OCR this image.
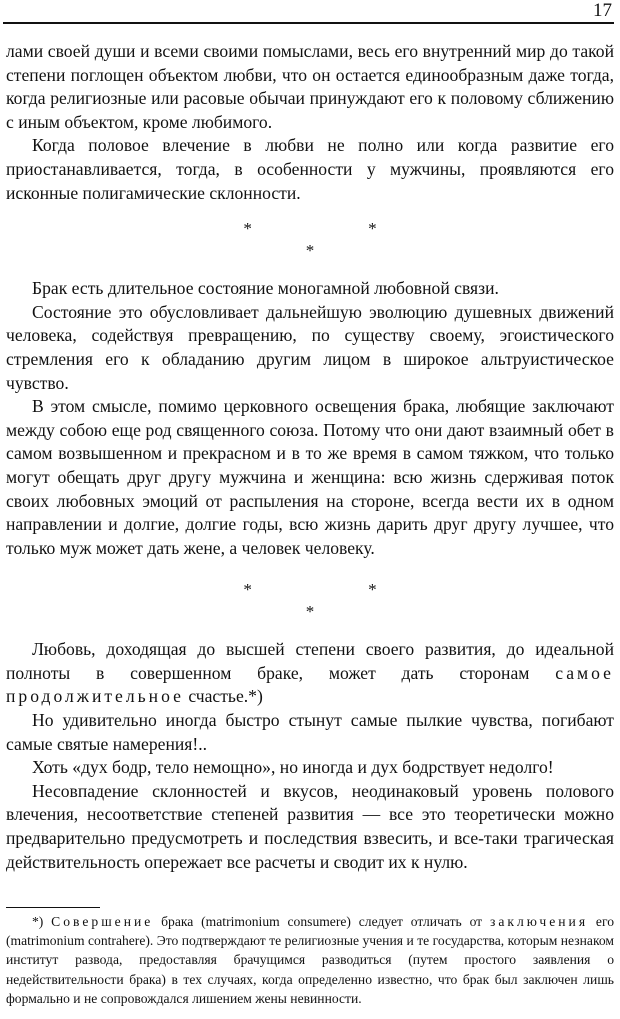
17

лами своей души и всеми своими помыслами, весь его внутренний мир до такой степени поглощен объектом любви, что он остается единообразным даже тогда, когда религиозные или расовые обычаи принуждают его к половому сближению с иным объектом, кроме любимого.

Когда половое влечение в любви не полно или когда развитие его приостанавливается, тогда, в особенности у мужчины, проявляются его исконные полигамические склонности.

* *
*

Брак есть длительное состояние моногамной любовной связи.

Состояние это обусловливает дальнейшую эволюцию душевных движений человека, содействуя превращению, по существу своему, эгоистического стремления его к обладанию другим лицом в широкое альтруистическое чувство.

В этом смысле, помимо церковного освещения брака, любящие заключают между собою еще род священного союза. Потому что они дают взаимный обет в самом возвышенном и прекрасном и в то же время в самом тяжком, что только могут обещать друг другу мужчина и женщина: всю жизнь сдерживая поток своих любовных эмоций от распыления на стороне, всегда вести их в одном направлении и долгие, долгие годы, всю жизнь дарить друг другу лучшее, что только муж может дать жене, а человек человеку.

* *
*

Любовь, доходящая до высшей степени своего развития, до идеальной полноты в совершенном браке, может дать сторонам самое продолжительное счастье.*)

Но удивительно иногда быстро стынут самые пылкие чувства, погибают самые святые намерения!..

Хоть «дух бодр, тело немощно», но иногда и дух бодрствует недолго!

Несовпадение склонностей и вкусов, неодинаковый уровень полового влечения, несоответствие степеней развития — все это теоретически можно предварительно предусмотреть и последствия взвесить, и все-таки трагическая действительность опережает все расчеты и сводит их к нулю.

*) Совершение брака (matrimonium consumere) следует отличать от заключения его (matrimonium contrahere). Это подтверждают те религиозные учения и те государства, которым незнаком институт развода, предоставляя брачущимся разводиться (путем простого заявления о недействительности брака) в тех случаях, когда определенно известно, что брак был заключен лишь формально и не сопровождался лишением жены невинности.
